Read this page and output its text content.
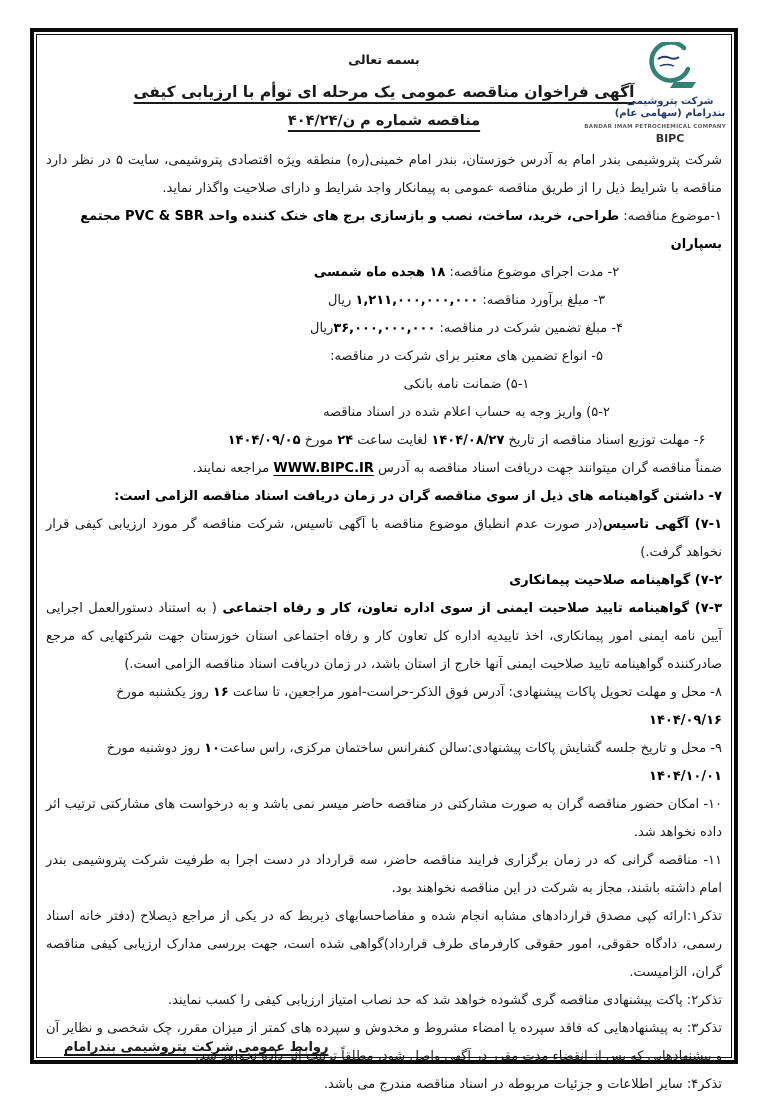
شرکت پتروشیمی بندرامام (سهامی عام)
BANDAR IMAM PETROCHEMICAL COMPANY
BIPC
بسمه تعالی
آگهی فراخوان مناقصه عمومی یک مرحله ای توأم با ارزیابی کیفی
مناقصه شماره م ن/۴۰۴/۲۴
شرکت پتروشیمی بندر امام به آدرس خوزستان، بندر امام خمینی(ره) منطقه ویژه اقتصادی پتروشیمی، سایت ۵ در نظر دارد مناقصه با شرایط ذیل را از طریق مناقصه عمومی به پیمانکار واجد شرایط و دارای صلاحیت واگذار نماید.
۱-موضوع مناقصه: طراحی، خرید، ساخت، نصب و بازسازی برج های خنک کننده واحد PVC & SBR مجتمع بسپاران
۲- مدت اجرای موضوع مناقصه: ۱۸ هجده ماه شمسی
۳- مبلغ برآورد مناقصه: ۱,۲۱۱,۰۰۰,۰۰۰,۰۰۰ ریال
۴- مبلغ تضمین شرکت در مناقصه: ۳۶,۰۰۰,۰۰۰,۰۰۰ریال
۵- انواع تضمین های معتبر برای شرکت در مناقصه:
۵-۱) ضمانت نامه بانکی
۵-۲) واریز وجه به حساب اعلام شده در اسناد مناقصه
۶- مهلت توزیع اسناد مناقصه از تاریخ ۱۴۰۴/۰۸/۲۷ لغایت ساعت ۲۴ مورخ ۱۴۰۴/۰۹/۰۵
ضمناً مناقصه گران میتوانند جهت دریافت اسناد مناقصه به آدرس WWW.BIPC.IR مراجعه نمایند.
۷- داشتن گواهینامه های ذیل از سوی مناقصه گران در زمان دریافت اسناد مناقصه الزامی است:
۷-۱) آگهی تاسیس(در صورت عدم انطباق موضوع مناقصه با آگهی تاسیس، شرکت مناقصه گر مورد ارزیابی کیفی قرار نخواهد گرفت.)
۷-۲) گواهینامه صلاحیت پیمانکاری
۷-۳) گواهینامه تایید صلاحیت ایمنی از سوی اداره تعاون، کار و رفاه اجتماعی ( به استناد دستورالعمل اجرایی آیین نامه ایمنی امور پیمانکاری، اخذ تاییدیه اداره کل تعاون کار و رفاه اجتماعی استان خوزستان جهت شرکتهایی که مرجع صادرکننده گواهینامه تایید صلاحیت ایمنی آنها خارج از استان باشد، در زمان دریافت اسناد مناقصه الزامی است.)
۸- محل و مهلت تحویل پاکات پیشنهادی: آدرس فوق الذکر-حراست-امور مراجعین، تا ساعت ۱۶ روز یکشنبه مورخ ۱۴۰۴/۰۹/۱۶
۹- محل و تاریخ جلسه گشایش پاکات پیشنهادی:سالن کنفرانس ساختمان مرکزی، راس ساعت۱۰ روز دوشنبه مورخ ۱۴۰۴/۱۰/۰۱
۱۰- امکان حضور مناقصه گران به صورت مشارکتی در مناقصه حاضر میسر نمی باشد و به درخواست های مشارکتی ترتیب اثر داده نخواهد شد.
۱۱- مناقصه گرانی که در زمان برگزاری فرایند مناقصه حاضر، سه قرارداد در دست اجرا به طرفیت شرکت پتروشیمی بندر امام داشته باشند، مجاز به شرکت در این مناقصه نخواهند بود.
تذکر۱:ارائه کپی مصدق قراردادهای مشابه انجام شده و مفاصاحسابهای ذیربط که در یکی از مراجع ذیصلاح (دفتر خانه اسناد رسمی، دادگاه حقوقی، امور حقوقی کارفرمای طرف قرارداد)گواهی شده است، جهت بررسی مدارک ارزیابی کیفی مناقصه گران، الزامیست.
تذکر۲: پاکت پیشنهادی مناقصه گری گشوده خواهد شد که حد نصاب امتیاز ارزیابی کیفی را کسب نمایند.
تذکر۳: به پیشنهادهایی که فاقد سپرده یا امضاء مشروط و مخدوش و سپرده های کمتر از میزان مقرر، چک شخصی و نظایر آن و پیشنهادهایی که پس از انقضاء مدت مقرر در آگهی واصل شود، مطلقاً ترتیب اثر داده نخواهد شد.
تذکر۴: سایر اطلاعات و جزئیات مربوطه در اسناد مناقصه مندرج می باشد.
روابط عمومی شرکت پتروشیمی بندرامام
